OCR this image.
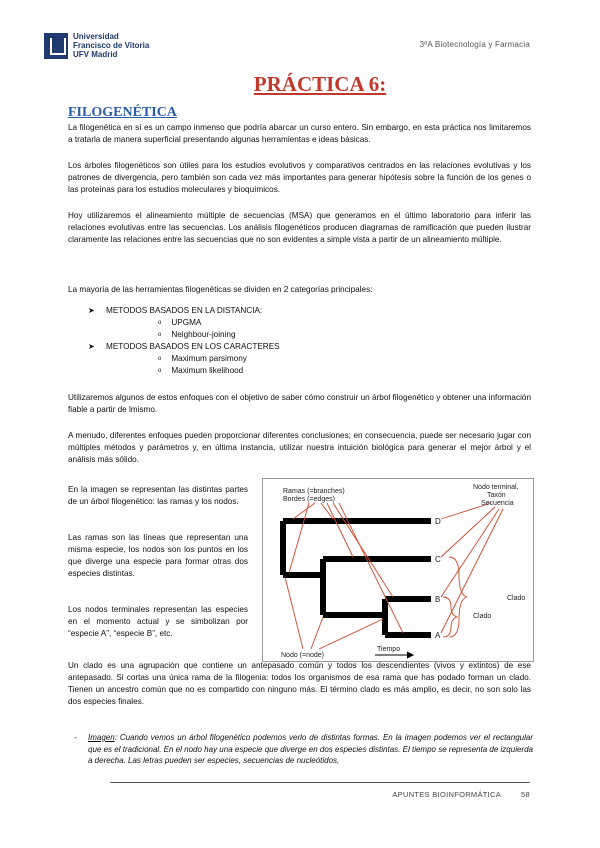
Universidad
Francisco de Vitoria
UFV Madrid
3ºA Biotecnología y Farmacia
PRÁCTICA 6:
FILOGENÉTICA
La filogenética en sí es un campo inmenso que podría abarcar un curso entero. Sin embargo, en esta práctica nos limitaremos a tratarla de manera superficial presentando algunas herramientas e ideas básicas.
Los árboles filogenéticos son útiles para los estudios evolutivos y comparativos centrados en las relaciones evolutivas y los patrones de divergencia, pero también son cada vez más importantes para generar hipótesis sobre la función de los genes o las proteínas para los estudios moleculares y bioquímicos.
Hoy utilizaremos el alineamiento múltiple de secuencias (MSA) que generamos en el último laboratorio para inferir las relaciones evolutivas entre las secuencias. Los análisis filogenéticos producen diagramas de ramificación que pueden ilustrar claramente las relaciones entre las secuencias que no son evidentes a simple vista a partir de un alineamiento múltiple.
La mayoría de las herramientas filogenéticas se dividen en 2 categorías principales:
➤	METODOS BASADOS EN LA DISTANCIA:
o UPGMA
o Neighbour-joining
➤	METODOS BASADOS EN LOS CARACTERES
o Maximum parsimony
o Maximum likelihood
Utilizaremos algunos de estos enfoques con el objetivo de saber cómo construir un árbol filogenético y obtener una información fiable a partir de lmismo.
A menudo, diferentes enfoques pueden proporcionar diferentes conclusiones; en consecuencia, puede ser necesario jugar con múltiples métodos y parámetros y, en última instancia, utilizar nuestra intuición biológica para generar el mejor árbol y el análisis más sólido.
En la imagen se representan las distintas partes de un árbol filogenético: las ramas y los nodos.
Las ramas son las líneas que representan una misma especie, los nodos son los puntos en los que diverge una especie para formar otras dos especies distintas.
Los nodos terminales representan las especies en el momento actual y se simbolizan por “especie A”, “especie B”, etc.
Ramas (=branches)
Bordes (=edges)
Nodo terminal,
Taxón
Secuencia
D
C
B
A
Clado
Clado
Nodo (=node)
Tiempo
Un clado es una agrupación que contiene un antepasado común y todos los descendientes (vivos y extintos) de ese antepasado. Si cortas una única rama de la filogenia: todos los organismos de esa rama que has podado forman un clado. Tienen un ancestro común que no es compartido con ninguno más. El término clado es más amplio, es decir, no son solo las dos especies finales.
- Imagen: Cuando vemos un árbol filogenético podemos verlo de distintas formas. En la imagen podemos ver el rectangular que es el tradicional. En el nodo hay una especie que diverge en dos especies distintas. El tiempo se representa de izquierda a derecha. Las letras pueden ser especies, secuencias de nucleótidos,
APUNTES BIOINFORMÁTICA	58
